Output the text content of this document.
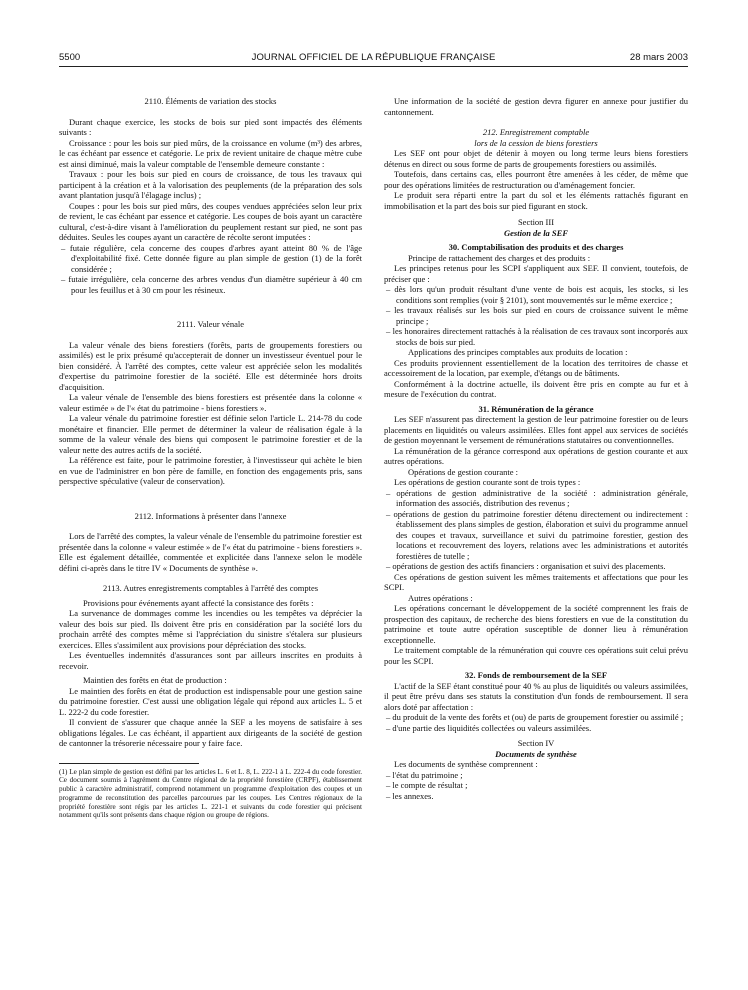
5500	JOURNAL OFFICIEL DE LA RÉPUBLIQUE FRANÇAISE	28 mars 2003

2110. Éléments de variation des stocks

Durant chaque exercice, les stocks de bois sur pied sont impactés des éléments suivants :

Croissance : pour les bois sur pied mûrs, de la croissance en volume (m³) des arbres, le cas échéant par essence et catégorie. Le prix de revient unitaire de chaque mètre cube est ainsi diminué, mais la valeur comptable de l'ensemble demeure constante :

Travaux : pour les bois sur pied en cours de croissance, de tous les travaux qui participent à la création et à la valorisation des peuplements (de la préparation des sols avant plantation jusqu'à l'élagage inclus) ;

Coupes : pour les bois sur pied mûrs, des coupes vendues appréciées selon leur prix de revient, le cas échéant par essence et catégorie. Les coupes de bois ayant un caractère cultural, c'est-à-dire visant à l'amélioration du peuplement restant sur pied, ne sont pas déduites. Seules les coupes ayant un caractère de récolte seront imputées :

– futaie régulière, cela concerne des coupes d'arbres ayant atteint 80 % de l'âge d'exploitabilité fixé. Cette donnée figure au plan simple de gestion (1) de la forêt considérée ;
– futaie irrégulière, cela concerne des arbres vendus d'un diamètre supérieur à 40 cm pour les feuillus et à 30 cm pour les résineux.

2111. Valeur vénale

La valeur vénale des biens forestiers (forêts, parts de groupements forestiers ou assimilés) est le prix présumé qu'accepterait de donner un investisseur éventuel pour le bien considéré. À l'arrêté des comptes, cette valeur est appréciée selon les modalités d'expertise du patrimoine forestier de la société. Elle est déterminée hors droits d'acquisition.

La valeur vénale de l'ensemble des biens forestiers est présentée dans la colonne « valeur estimée » de l'« état du patrimoine - biens forestiers ».

La valeur vénale du patrimoine forestier est définie selon l'article L. 214-78 du code monétaire et financier. Elle permet de déterminer la valeur de réalisation égale à la somme de la valeur vénale des biens qui composent le patrimoine forestier et de la valeur nette des autres actifs de la société.

La référence est faite, pour le patrimoine forestier, à l'investisseur qui achète le bien en vue de l'administrer en bon père de famille, en fonction des engagements pris, sans perspective spéculative (valeur de conservation).

2112. Informations à présenter dans l'annexe

Lors de l'arrêté des comptes, la valeur vénale de l'ensemble du patrimoine forestier est présentée dans la colonne « valeur estimée » de l'« état du patrimoine - biens forestiers ». Elle est également détaillée, commentée et explicitée dans l'annexe selon le modèle défini ci-après dans le titre IV « Documents de synthèse ».

2113. Autres enregistrements comptables à l'arrêté des comptes

Provisions pour événements ayant affecté la consistance des forêts :

La survenance de dommages comme les incendies ou les tempêtes va déprécier la valeur des bois sur pied. Ils doivent être pris en considération par la société lors du prochain arrêté des comptes même si l'appréciation du sinistre s'étalera sur plusieurs exercices. Elles s'assimilent aux provisions pour dépréciation des stocks.

Les éventuelles indemnités d'assurances sont par ailleurs inscrites en produits à recevoir.

Maintien des forêts en état de production :

Le maintien des forêts en état de production est indispensable pour une gestion saine du patrimoine forestier. C'est aussi une obligation légale qui répond aux articles L. 5 et L. 222-2 du code forestier.

Il convient de s'assurer que chaque année la SEF a les moyens de satisfaire à ses obligations légales. Le cas échéant, il appartient aux dirigeants de la société de gestion de cantonner la trésorerie nécessaire pour y faire face.

(1) Le plan simple de gestion est défini par les articles L. 6 et L. 8, L. 222-1 à L. 222-4 du code forestier. Ce document soumis à l'agrément du Centre régional de la propriété forestière (CRPF), établissement public à caractère administratif, comprend notamment un programme d'exploitation des coupes et un programme de reconstitution des parcelles parcourues par les coupes. Les Centres régionaux de la propriété forestière sont régis par les articles L. 221-1 et suivants du code forestier qui précisent notamment qu'ils sont présents dans chaque région ou groupe de régions.

Une information de la société de gestion devra figurer en annexe pour justifier du cantonnement.

212. Enregistrement comptable

lors de la cession de biens forestiers

Les SEF ont pour objet de détenir à moyen ou long terme leurs biens forestiers détenus en direct ou sous forme de parts de groupements forestiers ou assimilés.

Toutefois, dans certains cas, elles pourront être amenées à les céder, de même que pour des opérations limitées de restructuration ou d'aménagement foncier.

Le produit sera réparti entre la part du sol et les éléments rattachés figurant en immobilisation et la part des bois sur pied figurant en stock.

Section III

Gestion de la SEF

30. Comptabilisation des produits et des charges

Principe de rattachement des charges et des produits :

Les principes retenus pour les SCPI s'appliquent aux SEF. Il convient, toutefois, de préciser que :

– dès lors qu'un produit résultant d'une vente de bois est acquis, les stocks, si les conditions sont remplies (voir § 2101), sont mouvementés sur le même exercice ;
– les travaux réalisés sur les bois sur pied en cours de croissance suivent le même principe ;
– les honoraires directement rattachés à la réalisation de ces travaux sont incorporés aux stocks de bois sur pied.

Applications des principes comptables aux produits de location :

Ces produits proviennent essentiellement de la location des territoires de chasse et accessoirement de la location, par exemple, d'étangs ou de bâtiments.

Conformément à la doctrine actuelle, ils doivent être pris en compte au fur et à mesure de l'exécution du contrat.

31. Rémunération de la gérance

Les SEF n'assurent pas directement la gestion de leur patrimoine forestier ou de leurs placements en liquidités ou valeurs assimilées. Elles font appel aux services de sociétés de gestion moyennant le versement de rémunérations statutaires ou conventionnelles.

La rémunération de la gérance correspond aux opérations de gestion courante et aux autres opérations.

Opérations de gestion courante :

Les opérations de gestion courante sont de trois types :

– opérations de gestion administrative de la société : administration générale, information des associés, distribution des revenus ;
– opérations de gestion du patrimoine forestier détenu directement ou indirectement : établissement des plans simples de gestion, élaboration et suivi du programme annuel des coupes et travaux, surveillance et suivi du patrimoine forestier, gestion des locations et recouvrement des loyers, relations avec les administrations et autorités forestières de tutelle ;
– opérations de gestion des actifs financiers : organisation et suivi des placements.

Ces opérations de gestion suivent les mêmes traitements et affectations que pour les SCPI.

Autres opérations :

Les opérations concernant le développement de la société comprennent les frais de prospection des capitaux, de recherche des biens forestiers en vue de la constitution du patrimoine et toute autre opération susceptible de donner lieu à rémunération exceptionnelle.

Le traitement comptable de la rémunération qui couvre ces opérations suit celui prévu pour les SCPI.

32. Fonds de remboursement de la SEF

L'actif de la SEF étant constitué pour 40 % au plus de liquidités ou valeurs assimilées, il peut être prévu dans ses statuts la constitution d'un fonds de remboursement. Il sera alors doté par affectation :

– du produit de la vente des forêts et (ou) de parts de groupement forestier ou assimilé ;
– d'une partie des liquidités collectées ou valeurs assimilées.

Section IV

Documents de synthèse

Les documents de synthèse comprennent :

– l'état du patrimoine ;
– le compte de résultat ;
– les annexes.
